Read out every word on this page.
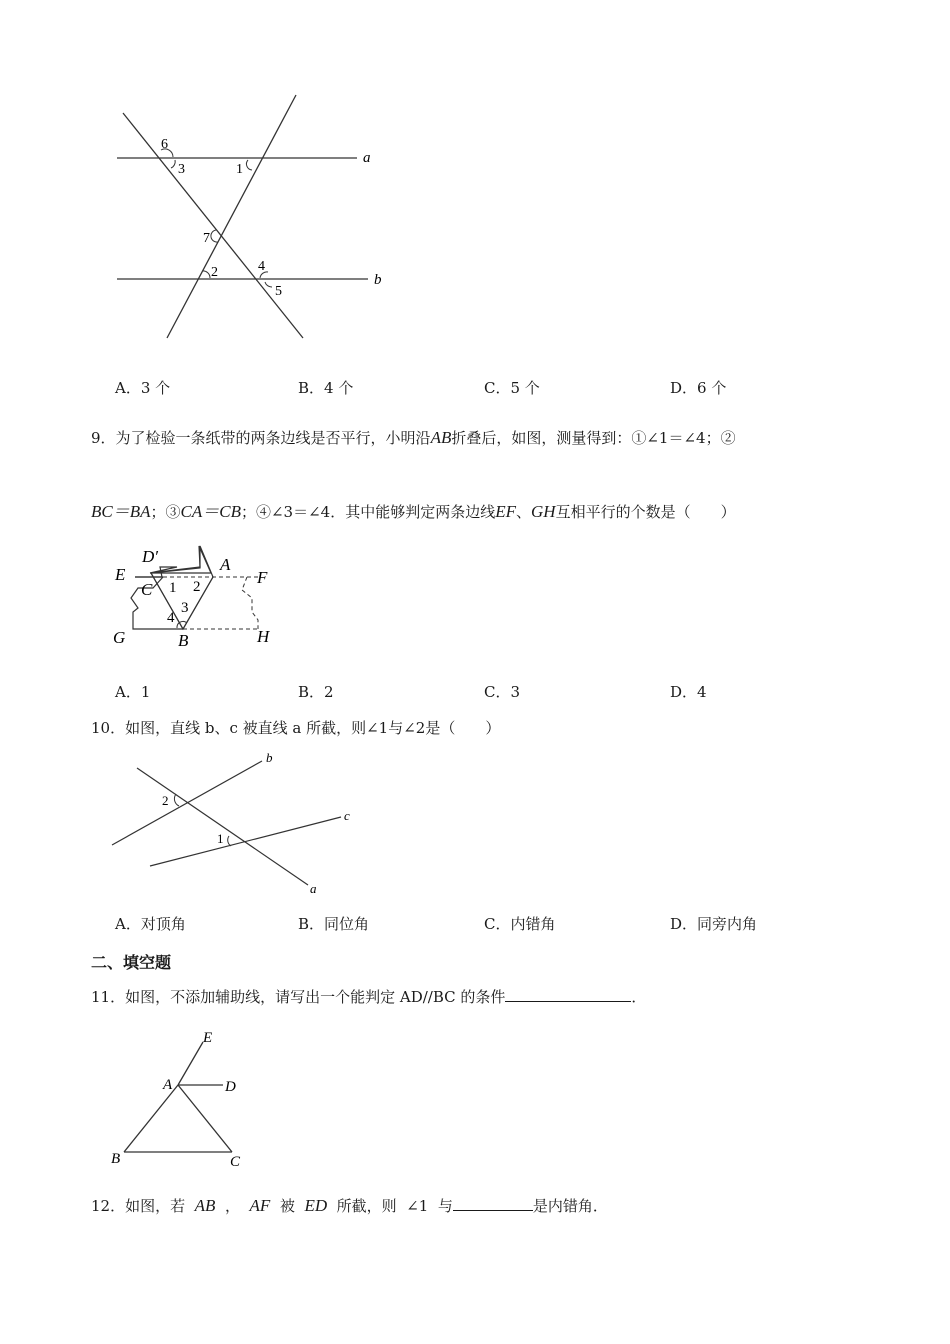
6
3	1
a
7
2	4
5
b
A．3 个	B．4 个	C．5 个	D．6 个
9．为了检验一条纸带的两条边线是否平行，小明沿AB折叠后，如图，测量得到：①∠1＝∠4；②
BC＝BA；③CA＝CB；④∠3＝∠4．其中能够判定两条边线EF、GH互相平行的个数是（　　）
D′	A
E	F
C 1 2
3
4
G	B	H
A．1	B．2	C．3	D．4
10．如图，直线 b、c 被直线 a 所截，则∠1与∠2是（　　）
b
2
c
1
a
A．对顶角	B．同位角	C．内错角	D．同旁内角
二、填空题
11．如图，不添加辅助线，请写出一个能判定 AD//BC 的条件	．
E
A	D
B	C
12．如图，若 AB ， AF 被 ED 所截，则 ∠1 与	是内错角．
